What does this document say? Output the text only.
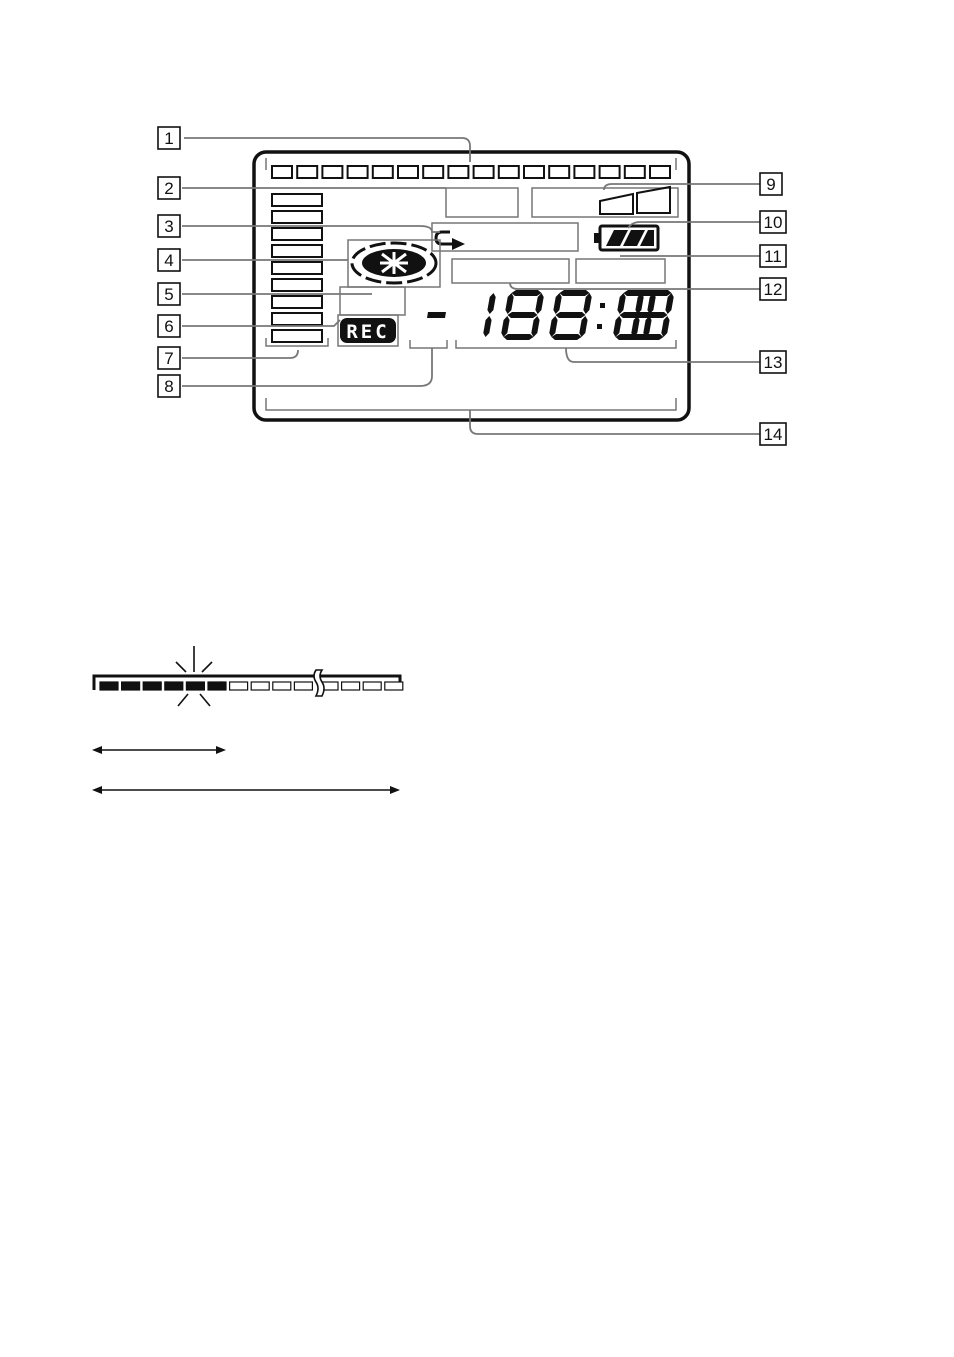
REC
1
2
3
4
5
6
7
8
9
10
11
12
13
14
